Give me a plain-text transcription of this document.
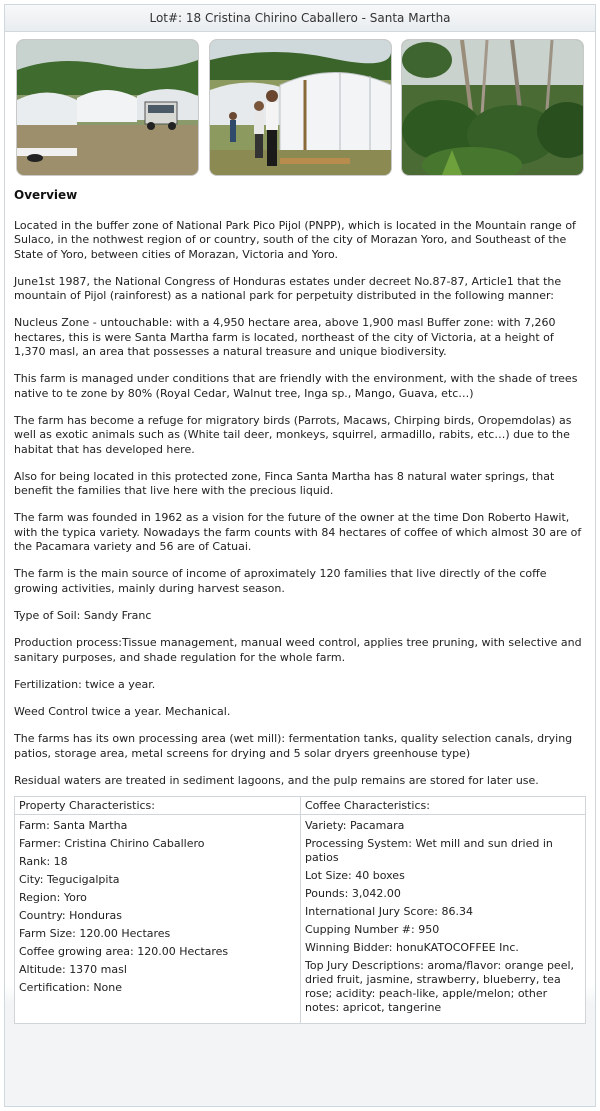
Lot#: 18 Cristina Chirino Caballero - Santa Martha
Overview

Located in the buffer zone of National Park Pico Pijol (PNPP), which is located in the Mountain range of Sulaco, in the nothwest region of or country, south of the city of Morazan Yoro, and Southeast of the State of Yoro, between cities of Morazan, Victoria and Yoro.

June1st 1987, the National Congress of Honduras estates under decreet No.87-87, Article1 that the mountain of Pijol (rainforest) as a national park for perpetuity distributed in the following manner:

Nucleus Zone - untouchable: with a 4,950 hectare area, above 1,900 masl Buffer zone: with 7,260 hectares, this is were Santa Martha farm is located, northeast of the city of Victoria, at a height of 1,370 masl, an area that possesses a natural treasure and unique biodiversity.

This farm is managed under conditions that are friendly with the environment, with the shade of trees native to te zone by 80% (Royal Cedar, Walnut tree, Inga sp., Mango, Guava, etc…)

The farm has become a refuge for migratory birds (Parrots, Macaws, Chirping birds, Oropemdolas) as well as exotic animals such as (White tail deer, monkeys, squirrel, armadillo, rabits, etc…) due to the habitat that has developed here.

Also for being located in this protected zone, Finca Santa Martha has 8 natural water springs, that benefit the families that live here with the precious liquid.

The farm was founded in 1962 as a vision for the future of the owner at the time Don Roberto Hawit, with the typica variety. Nowadays the farm counts with 84 hectares of coffee of which almost 30 are of the Pacamara variety and 56 are of Catuai.

The farm is the main source of income of aproximately 120 families that live directly of the coffe growing activities, mainly during harvest season.

Type of Soil: Sandy Franc

Production process:Tissue management, manual weed control, applies tree pruning, with selective and sanitary purposes, and shade regulation for the whole farm.

Fertilization: twice a year.

Weed Control twice a year. Mechanical.

The farms has its own processing area (wet mill): fermentation tanks, quality selection canals, drying patios, storage area, metal screens for drying and 5 solar dryers greenhouse type)

Residual waters are treated in sediment lagoons, and the pulp remains are stored for later use.

Property Characteristics:
Farm: Santa Martha
Farmer: Cristina Chirino Caballero
Rank: 18
City: Tegucigalpita
Region: Yoro
Country: Honduras
Farm Size: 120.00 Hectares
Coffee growing area: 120.00 Hectares
Altitude: 1370 masl
Certification: None
Coffee Characteristics:
Variety: Pacamara
Processing System: Wet mill and sun dried in patios
Lot Size: 40 boxes
Pounds: 3,042.00
International Jury Score: 86.34
Cupping Number #: 950
Winning Bidder: honuKATOCOFFEE Inc.
Top Jury Descriptions: aroma/flavor: orange peel, dried fruit, jasmine, strawberry, blueberry, tea rose; acidity: peach-like, apple/melon; other notes: apricot, tangerine
